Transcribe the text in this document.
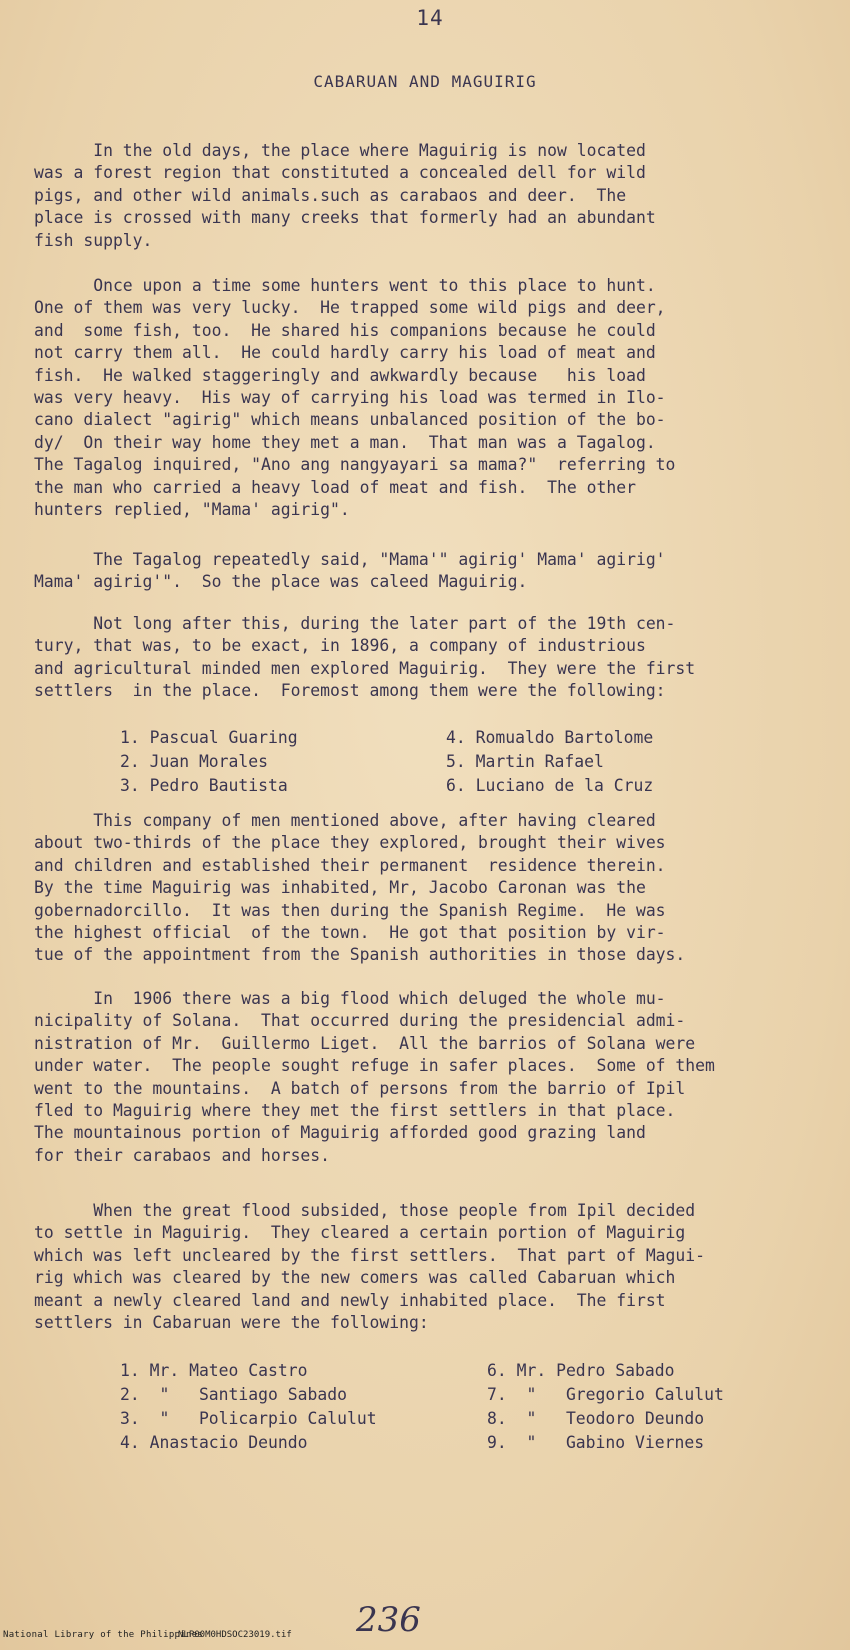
14
CABARUAN AND MAGUIRIG

In the old days, the place where Maguirig is now located
was a forest region that constituted a concealed dell for wild
pigs, and other wild animals.such as carabaos and deer.  The
place is crossed with many creeks that formerly had an abundant
fish supply.

Once upon a time some hunters went to this place to hunt.
One of them was very lucky.  He trapped some wild pigs and deer,
and  some fish, too.  He shared his companions because he could
not carry them all.  He could hardly carry his load of meat and
fish.  He walked staggeringly and awkwardly because   his load
was very heavy.  His way of carrying his load was termed in Ilo-
cano dialect "agirig" which means unbalanced position of the bo-
dy/  On their way home they met a man.  That man was a Tagalog.
The Tagalog inquired, "Ano ang nangyayari sa mama?"  referring to
the man who carried a heavy load of meat and fish.  The other
hunters replied, "Mama' agirig".

The Tagalog repeatedly said, "Mama'" agirig' Mama' agirig'
Mama' agirig'".  So the place was caleed Maguirig.

Not long after this, during the later part of the 19th cen-
tury, that was, to be exact, in 1896, a company of industrious
and agricultural minded men explored Maguirig.  They were the first
settlers  in the place.  Foremost among them were the following:

1. Pascual Guaring
2. Juan Morales
3. Pedro Bautista
4. Romualdo Bartolome
5. Martin Rafael
6. Luciano de la Cruz

This company of men mentioned above, after having cleared
about two-thirds of the place they explored, brought their wives
and children and established their permanent  residence therein.
By the time Maguirig was inhabited, Mr, Jacobo Caronan was the
gobernadorcillo.  It was then during the Spanish Regime.  He was
the highest official  of the town.  He got that position by vir-
tue of the appointment from the Spanish authorities in those days.

In  1906 there was a big flood which deluged the whole mu-
nicipality of Solana.  That occurred during the presidencial admi-
nistration of Mr.  Guillermo Liget.  All the barrios of Solana were
under water.  The people sought refuge in safer places.  Some of them
went to the mountains.  A batch of persons from the barrio of Ipil
fled to Maguirig where they met the first settlers in that place.
The mountainous portion of Maguirig afforded good grazing land
for their carabaos and horses.

When the great flood subsided, those people from Ipil decided
to settle in Maguirig.  They cleared a certain portion of Maguirig
which was left uncleared by the first settlers.  That part of Magui-
rig which was cleared by the new comers was called Cabaruan which
meant a newly cleared land and newly inhabited place.  The first
settlers in Cabaruan were the following:

1. Mr. Mateo Castro
2.  "   Santiago Sabado
3.  "   Policarpio Calulut
4. Anastacio Deundo
6. Mr. Pedro Sabado
7.  "   Gregorio Calulut
8.  "   Teodoro Deundo
9.  "   Gabino Viernes
236
National Library of the Philippines
NLP00M0HDSOC23019.tif
